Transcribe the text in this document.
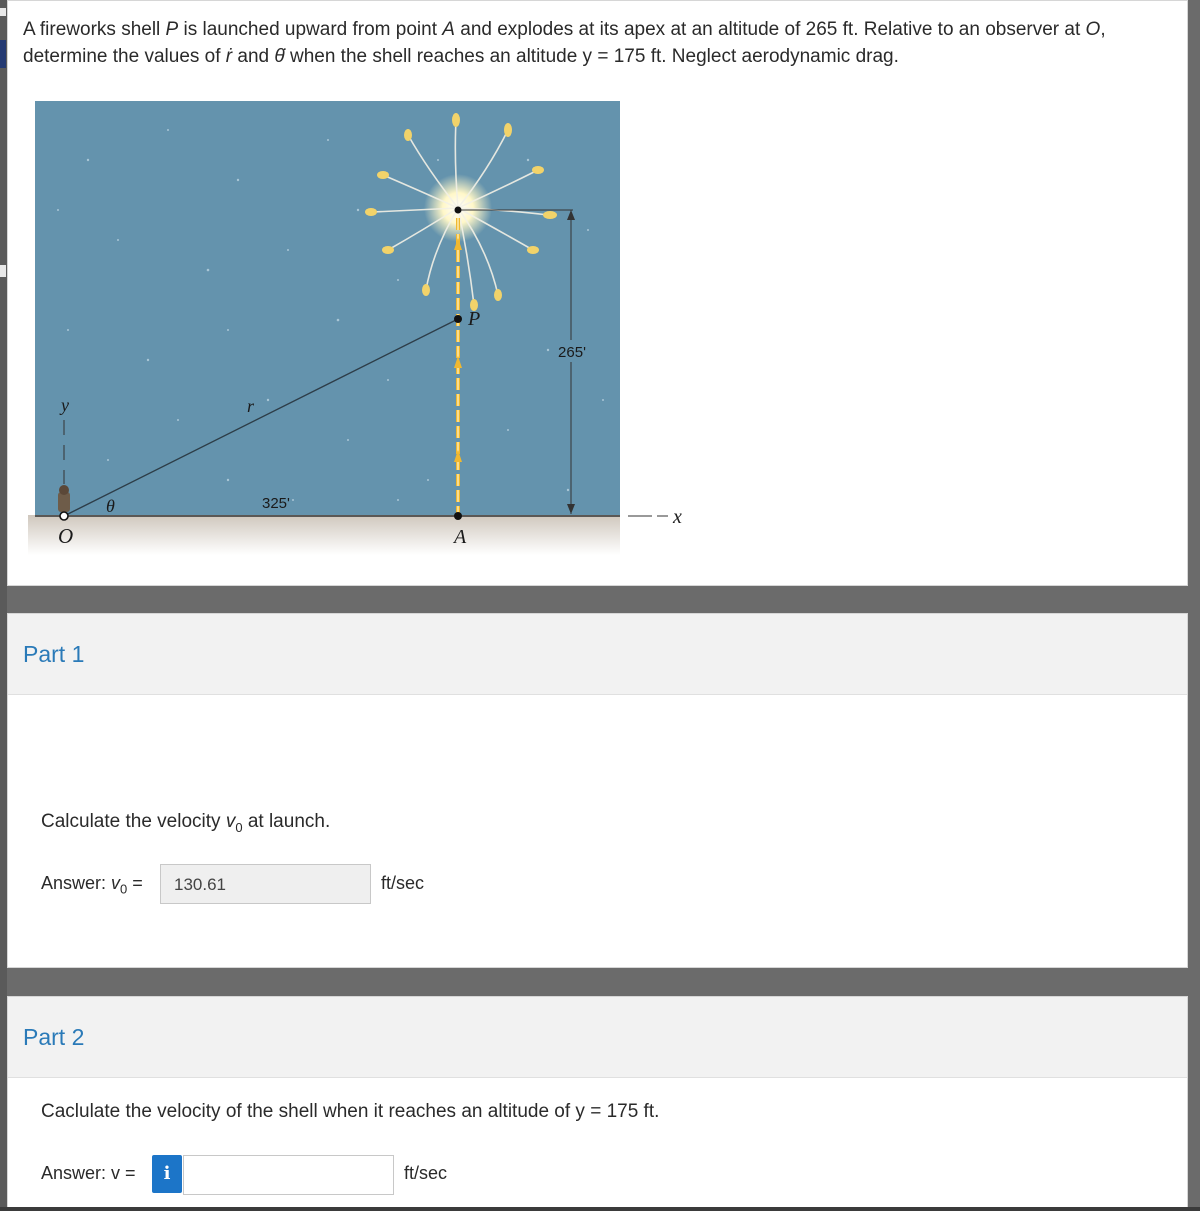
A fireworks shell P is launched upward from point A and explodes at its apex at an altitude of 265 ft. Relative to an observer at O,
determine the values of ṙ and θ̇ when the shell reaches an altitude y = 175 ft. Neglect aerodynamic drag.
265'
y
O
θ
r
325'
P
A
x
Part 1
Calculate the velocity $v_0$ at launch.
Answer: $v_0$ =	130.61	ft/sec
Part 2
Caclulate the velocity of the shell when it reaches an altitude of y = 175 ft.
Answer: v =	i	ft/sec
